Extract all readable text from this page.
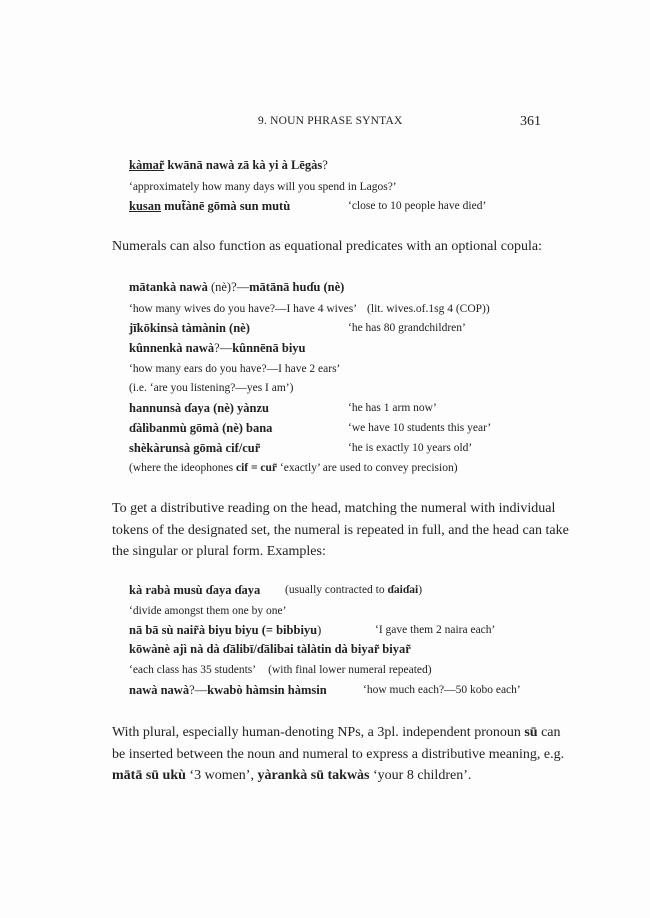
9. NOUN PHRASE SYNTAX	361
kàmar̃ kwānā nawà zā kà yi à Lēgàs?
‘approximately how many days will you spend in Lagos?’
kusan mut̃ànē gōmà sun mutù	‘close to 10 people have died’
Numerals can also function as equational predicates with an optional copula:
mātankà nawà (nè)?—mātānā huɗu (nè)
‘how many wives do you have?—I have 4 wives’ (lit. wives.of.1sg 4 (COP))
jīkōkinsà tàmànin (nè)	‘he has 80 grandchildren’
kûnnenkà nawà?—kûnnēnā biyu
‘how many ears do you have?—I have 2 ears’
(i.e. ‘are you listening?—yes I am’)
hannunsà ɗaya (nè) yànzu	‘he has 1 arm now’
ɗàlìbanmù gōmà (nè) bana	‘we have 10 students this year’
shèkàrunsà gōmà cif/cur̃	‘he is exactly 10 years old’
(where the ideophones cif = cur̃ ‘exactly’ are used to convey precision)
To get a distributive reading on the head, matching the numeral with individual
tokens of the designated set, the numeral is repeated in full, and the head can take
the singular or plural form. Examples:
kà rabà musù ɗaya ɗaya (usually contracted to ɗaiɗai)
‘divide amongst them one by one’
nā bā sù nair̃à biyu biyu (= bibbiyu)	‘I gave them 2 naira each’
kōwànè ajì nà dà ɗālibī/ɗālibai tàlàtin dà biyar̃ biyar̃
‘each class has 35 students’ (with final lower numeral repeated)
nawà nawà?—kwabò hàmsin hàmsin	‘how much each?—50 kobo each’
With plural, especially human-denoting NPs, a 3pl. independent pronoun sū can
be inserted between the noun and numeral to express a distributive meaning, e.g.
mātā sū ukù ‘3 women’, yàrankà sū takwàs ‘your 8 children’.
